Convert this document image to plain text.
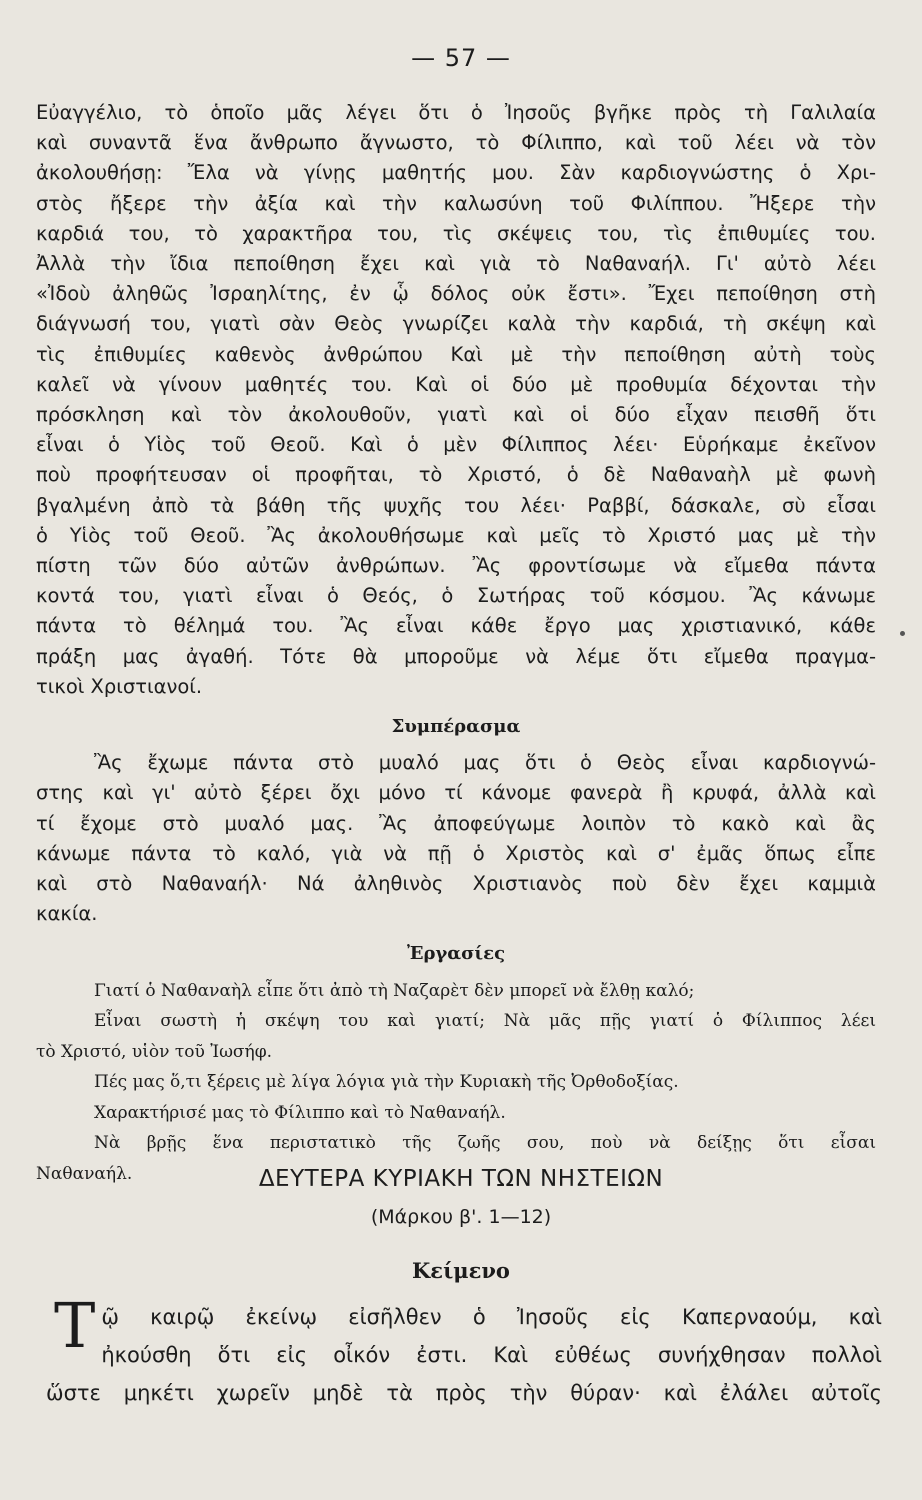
— 57 —
Εὐαγγέλιο, τὸ ὁποῖο μᾶς λέγει ὅτι ὁ Ἰησοῦς βγῆκε πρὸς τὴ Γαλιλαία
καὶ συναντᾶ ἕνα ἄνθρωπο ἄγνωστο, τὸ Φίλιππο, καὶ τοῦ λέει νὰ τὸν
ἀκολουθήσῃ: Ἔλα νὰ γίνῃς μαθητής μου. Σὰν καρδιογνώστης ὁ Χρι-
στὸς ἤξερε τὴν ἀξία καὶ τὴν καλωσύνη τοῦ Φιλίππου. Ἤξερε τὴν
καρδιά του, τὸ χαρακτῆρα του, τὶς σκέψεις του, τὶς ἐπιθυμίες του.
Ἀλλὰ τὴν ἴδια πεποίθηση ἔχει καὶ γιὰ τὸ Ναθαναήλ. Γι' αὐτὸ λέει
«Ἰδοὺ ἀληθῶς Ἰσραηλίτης, ἐν ᾧ δόλος οὐκ ἔστι». Ἔχει πεποίθηση στὴ
διάγνωσή του, γιατὶ σὰν Θεὸς γνωρίζει καλὰ τὴν καρδιά, τὴ σκέψη καὶ
τὶς ἐπιθυμίες καθενὸς ἀνθρώπου Καὶ μὲ τὴν πεποίθηση αὐτὴ τοὺς
καλεῖ νὰ γίνουν μαθητές του. Καὶ οἱ δύο μὲ προθυμία δέχονται τὴν
πρόσκληση καὶ τὸν ἀκολουθοῦν, γιατὶ καὶ οἱ δύο εἶχαν πεισθῆ ὅτι
εἶναι ὁ Υἱὸς τοῦ Θεοῦ. Καὶ ὁ μὲν Φίλιππος λέει· Εὑρήκαμε ἐκεῖνον
ποὺ προφήτευσαν οἱ προφῆται, τὸ Χριστό, ὁ δὲ Ναθαναὴλ μὲ φωνὴ
βγαλμένη ἀπὸ τὰ βάθη τῆς ψυχῆς του λέει· Ραββί, δάσκαλε, σὺ εἶσαι
ὁ Υἱὸς τοῦ Θεοῦ. Ἂς ἀκολουθήσωμε καὶ μεῖς τὸ Χριστό μας μὲ τὴν
πίστη τῶν δύο αὐτῶν ἀνθρώπων. Ἂς φροντίσωμε νὰ εἴμεθα πάντα
κοντά του, γιατὶ εἶναι ὁ Θεός, ὁ Σωτήρας τοῦ κόσμου. Ἂς κάνωμε
πάντα τὸ θέλημά του. Ἂς εἶναι κάθε ἔργο μας χριστιανικό, κάθε
πράξη μας ἀγαθή. Τότε θὰ μποροῦμε νὰ λέμε ὅτι εἴμεθα πραγμα-
τικοὶ Χριστιανοί.
Συμπέρασμα
Ἂς ἔχωμε πάντα στὸ μυαλό μας ὅτι ὁ Θεὸς εἶναι καρδιογνώ-
στης καὶ γι' αὐτὸ ξέρει ὄχι μόνο τί κάνομε φανερὰ ἢ κρυφά, ἀλλὰ καὶ
τί ἔχομε στὸ μυαλό μας. Ἂς ἀποφεύγωμε λοιπὸν τὸ κακὸ καὶ ἂς
κάνωμε πάντα τὸ καλό, γιὰ νὰ πῇ ὁ Χριστὸς καὶ σ' ἐμᾶς ὅπως εἶπε
καὶ στὸ Ναθαναήλ· Νά ἀληθινὸς Χριστιανὸς ποὺ δὲν ἔχει καμμιὰ
κακία.
Ἐργασίες
Γιατί ὁ Ναθαναὴλ εἶπε ὅτι ἀπὸ τὴ Ναζαρὲτ δὲν μπορεῖ νὰ ἔλθῃ καλό;
Εἶναι σωστὴ ἡ σκέψη του καὶ γιατί; Νὰ μᾶς πῇς γιατί ὁ Φίλιππος λέει
τὸ Χριστό, υἱὸν τοῦ Ἰωσήφ.
Πές μας ὅ,τι ξέρεις μὲ λίγα λόγια γιὰ τὴν Κυριακὴ τῆς Ὀρθοδοξίας.
Χαρακτήρισέ μας τὸ Φίλιππο καὶ τὸ Ναθαναήλ.
Νὰ βρῇς ἕνα περιστατικὸ τῆς ζωῆς σου, ποὺ νὰ δείξῃς ὅτι εἶσαι
Ναθαναήλ.	ΔΕΥΤΕΡΑ ΚΥΡΙΑΚΗ ΤΩΝ ΝΗΣΤΕΙΩΝ
(Μάρκου β'. 1—12)
Κείμενο
Τ ῷ καιρῷ ἐκείνῳ εἰσῆλθεν ὁ Ἰησοῦς εἰς Καπερναούμ, καὶ
ἠκούσθη ὅτι εἰς οἶκόν ἐστι. Καὶ εὐθέως συνήχθησαν πολλοὶ
ὥστε μηκέτι χωρεῖν μηδὲ τὰ πρὸς τὴν θύραν· καὶ ἐλάλει αὐτοῖς
